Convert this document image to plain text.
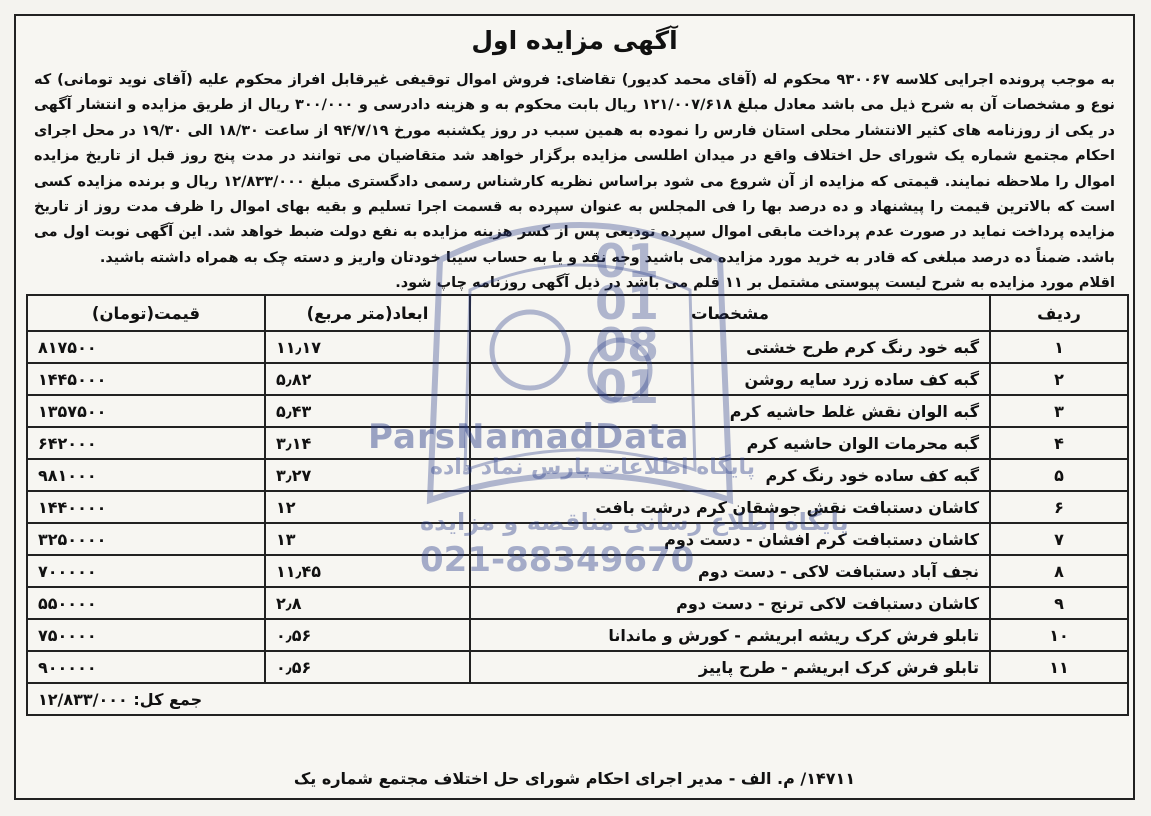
آگهی مزایده اول

به موجب پرونده اجرایی کلاسه ۹۳۰۰۶۷ محکوم له (آقای محمد کدیور) تقاضای: فروش اموال توقیفی غیرقابل افراز محکوم علیه (آقای نوید تومانی) که نوع و مشخصات آن به شرح ذیل می باشد معادل مبلغ ۱۲۱/۰۰۷/۶۱۸ ریال بابت محکوم به و هزینه دادرسی و ۳۰۰/۰۰۰ ریال از طریق مزایده و انتشار آگهی در یکی از روزنامه های کثیر الانتشار محلی استان فارس را نموده به همین سبب در روز یکشنبه مورخ ۹۴/۷/۱۹ از ساعت ۱۸/۳۰ الی ۱۹/۳۰ در محل اجرای احکام مجتمع شماره یک شورای حل اختلاف واقع در میدان اطلسی مزایده برگزار خواهد شد متقاضیان می توانند در مدت پنج روز قبل از تاریخ مزایده اموال را ملاحظه نمایند. قیمتی که مزایده از آن شروع می شود براساس نظریه کارشناس رسمی دادگستری مبلغ ۱۲/۸۳۳/۰۰۰ ریال و برنده مزایده کسی است که بالاترین قیمت را پیشنهاد و ده درصد بها را فی المجلس به عنوان سپرده به قسمت اجرا تسلیم و بقیه بهای اموال را ظرف مدت روز از تاریخ مزایده پرداخت نماید در صورت عدم پرداخت مابقی اموال سپرده تودیعی پس از کسر هزینه مزایده به نفع دولت ضبط خواهد شد. این آگهی نوبت اول می باشد. ضمناً ده درصد مبلغی که قادر به خرید مورد مزایده می باشید وجه نقد و یا به حساب سیبا خودتان واریز و دسته چک به همراه داشته باشید.

اقلام مورد مزایده به شرح لیست پیوستی مشتمل بر ۱۱ قلم می باشد در ذیل آگهی روزنامه چاپ شود.

ردیف	مشخصات	ابعاد(متر مربع)	قیمت(تومان)
۱	گبه خود رنگ کرم طرح خشتی	۱۱٫۱۷	۸۱۷۵۰۰
۲	گبه کف ساده زرد سایه روشن	۵٫۸۲	۱۴۴۵۰۰۰
۳	گبه الوان نقش غلط حاشیه کرم	۵٫۴۳	۱۳۵۷۵۰۰
۴	گبه محرمات الوان حاشیه کرم	۳٫۱۴	۶۴۲۰۰۰
۵	گبه کف ساده خود رنگ کرم	۳٫۲۷	۹۸۱۰۰۰
۶	کاشان دستبافت نقش جوشقان کرم درشت بافت	۱۲	۱۴۴۰۰۰۰
۷	کاشان دستبافت کرم افشان - دست دوم	۱۳	۳۲۵۰۰۰۰
۸	نجف آباد دستبافت لاکی - دست دوم	۱۱٫۴۵	۷۰۰۰۰۰
۹	کاشان دستبافت لاکی ترنج - دست دوم	۲٫۸	۵۵۰۰۰۰
۱۰	تابلو فرش کرک ریشه ابریشم - کورش و ماندانا	۰٫۵۶	۷۵۰۰۰۰
۱۱	تابلو فرش کرک ابریشم - طرح پاییز	۰٫۵۶	۹۰۰۰۰۰
جمع کل: ۱۲/۸۳۳/۰۰۰			
۱۴۷۱۱/ م. الف - مدیر اجرای احکام شورای حل اختلاف مجتمع شماره یک
01010801
ParsNamadData
پایگاه اطلاعات پارس نماد داده
پایگاه اطلاع رسانی مناقصه و مزایده
021-88349670
